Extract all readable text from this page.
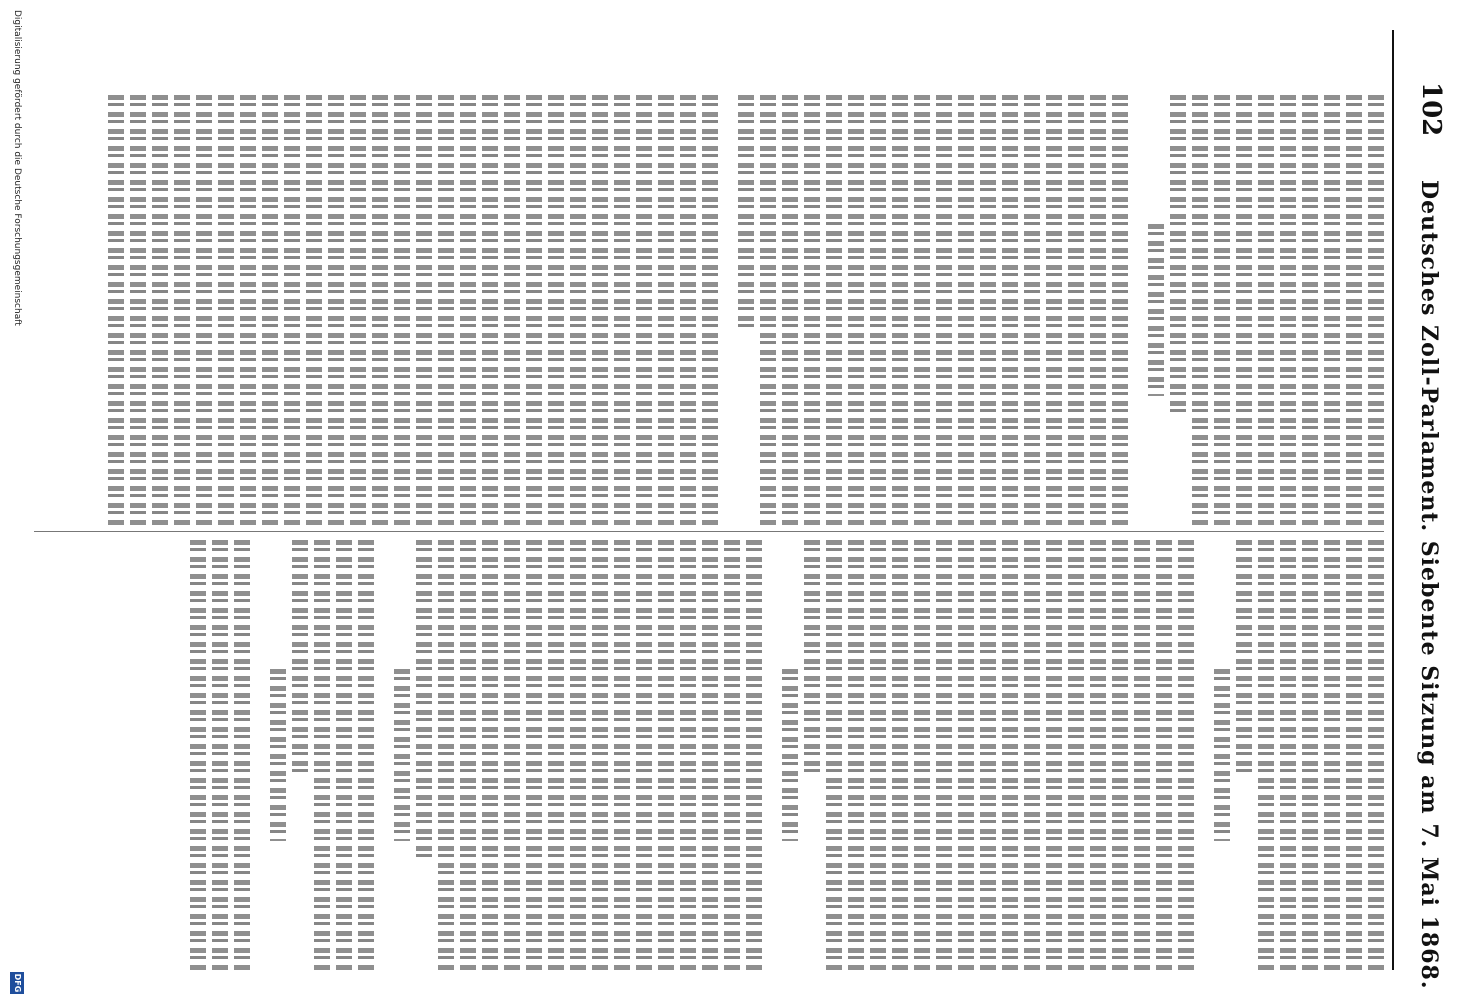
102
Deutsches Zoll-Parlament. Siebente Sitzung am 7. Mai 1868.
Digitalisierung gefördert durch die Deutsche Forschungsgemeinschaft
DFG
